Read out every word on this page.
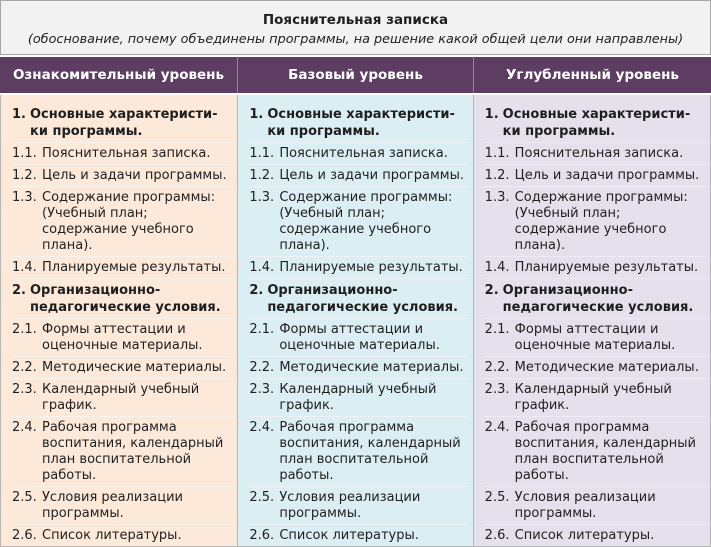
Пояснительная записка
(обоснование, почему объединены программы, на решение какой общей цели они направлены)
Ознакомительный уровень	Базовый уровень	Углубленный уровень
1. Основные характеристи-
ки программы.
1.1. Пояснительная записка.
1.2. Цель и задачи программы.
1.3. Содержание программы:
(Учебный план;
содержание учебного
плана).
1.4. Планируемые результаты.
2. Организационно-
педагогические условия.
2.1. Формы аттестации и
оценочные материалы.
2.2. Методические материалы.
2.3. Календарный учебный
график.
2.4. Рабочая программа
воспитания, календарный
план воспитательной
работы.
2.5. Условия реализации
программы.
2.6. Список литературы.
1. Основные характеристи-
ки программы.
1.1. Пояснительная записка.
1.2. Цель и задачи программы.
1.3. Содержание программы:
(Учебный план;
содержание учебного
плана).
1.4. Планируемые результаты.
2. Организационно-
педагогические условия.
2.1. Формы аттестации и
оценочные материалы.
2.2. Методические материалы.
2.3. Календарный учебный
график.
2.4. Рабочая программа
воспитания, календарный
план воспитательной
работы.
2.5. Условия реализации
программы.
2.6. Список литературы.
1. Основные характеристи-
ки программы.
1.1. Пояснительная записка.
1.2. Цель и задачи программы.
1.3. Содержание программы:
(Учебный план;
содержание учебного
плана).
1.4. Планируемые результаты.
2. Организационно-
педагогические условия.
2.1. Формы аттестации и
оценочные материалы.
2.2. Методические материалы.
2.3. Календарный учебный
график.
2.4. Рабочая программа
воспитания, календарный
план воспитательной
работы.
2.5. Условия реализации
программы.
2.6. Список литературы.
